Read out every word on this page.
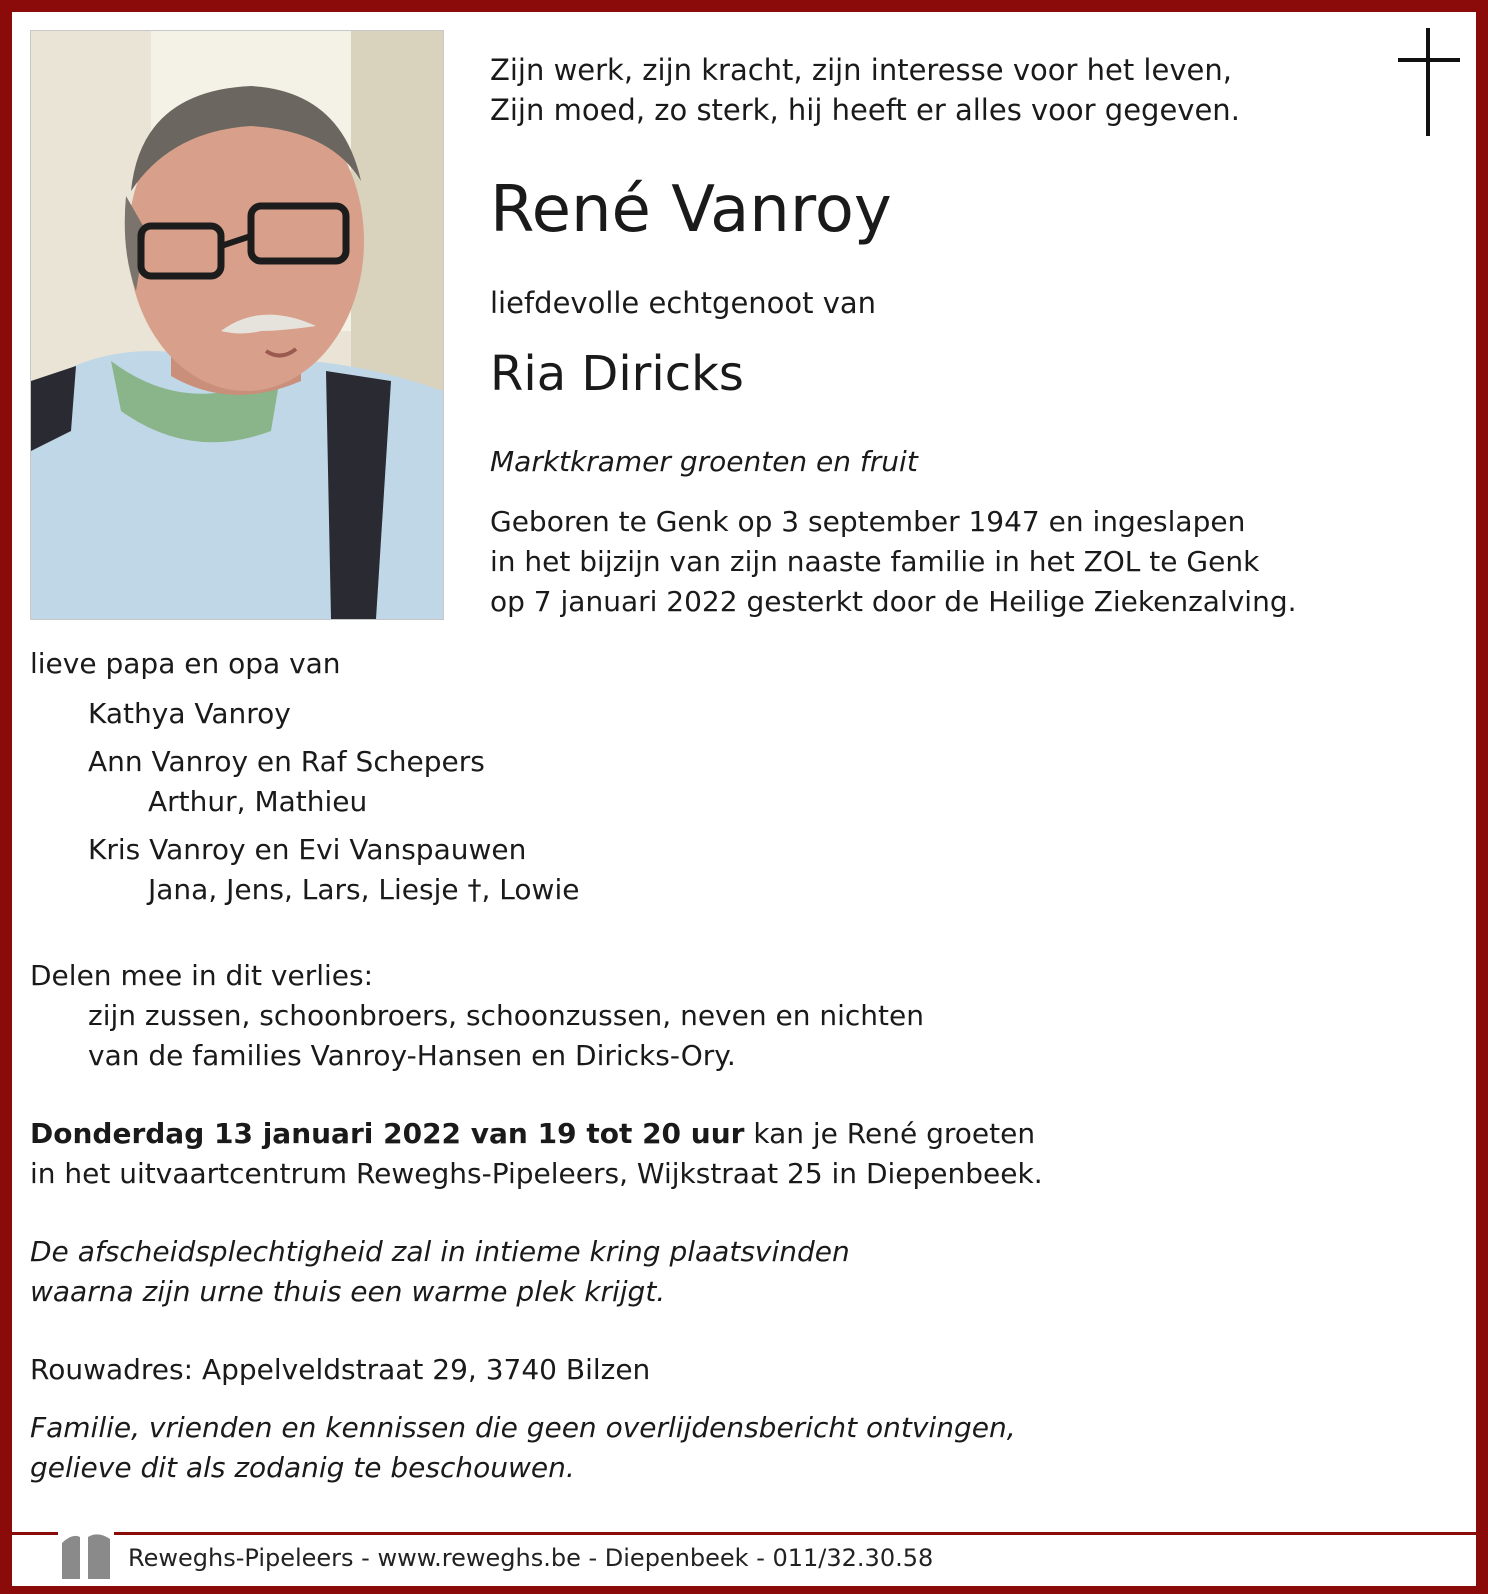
Zijn werk, zijn kracht, zijn interesse voor het leven,
Zijn moed, zo sterk, hij heeft er alles voor gegeven.
René Vanroy
liefdevolle echtgenoot van
Ria Diricks
Marktkramer groenten en fruit
Geboren te Genk op 3 september 1947 en ingeslapen
in het bijzijn van zijn naaste familie in het ZOL te Genk
op 7 januari 2022 gesterkt door de Heilige Ziekenzalving.
lieve papa en opa van
Kathya Vanroy
Ann Vanroy en Raf Schepers
Arthur, Mathieu
Kris Vanroy en Evi Vanspauwen
Jana, Jens, Lars, Liesje †, Lowie
Delen mee in dit verlies:
zijn zussen, schoonbroers, schoonzussen, neven en nichten
van de families Vanroy-Hansen en Diricks-Ory.
Donderdag 13 januari 2022 van 19 tot 20 uur kan je René groeten
in het uitvaartcentrum Reweghs-Pipeleers, Wijkstraat 25 in Diepenbeek.
De afscheidsplechtigheid zal in intieme kring plaatsvinden
waarna zijn urne thuis een warme plek krijgt.
Rouwadres: Appelveldstraat 29, 3740 Bilzen
Familie, vrienden en kennissen die geen overlijdensbericht ontvingen,
gelieve dit als zodanig te beschouwen.
Reweghs-Pipeleers - www.reweghs.be - Diepenbeek - 011/32.30.58
